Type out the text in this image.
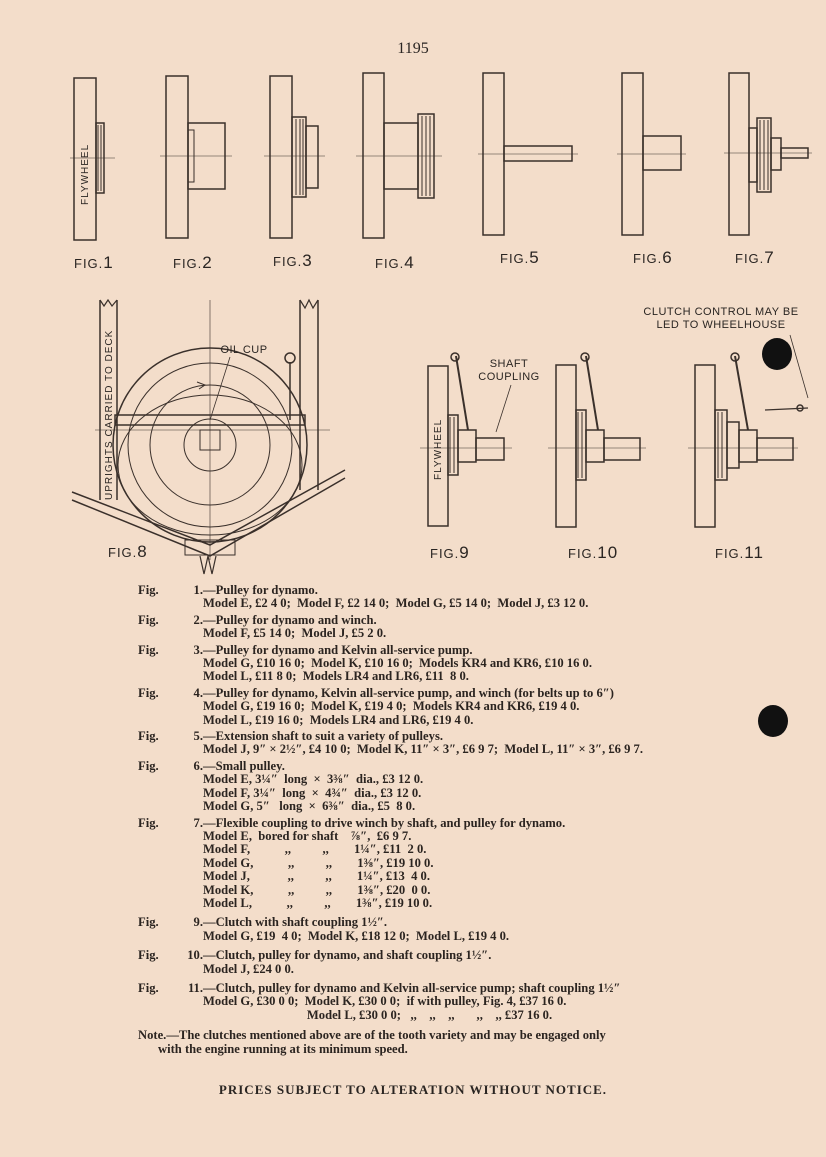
1195
FIG.1	FIG.2	FIG.3	FIG.4	FIG.5	FIG.6	FIG.7
FIG.8	FIG.9	FIG.10	FIG.11
FLYWHEEL
UPRIGHTS CARRIED TO DECK	FLYWHEEL
OIL CUP
SHAFT COUPLING
CLUTCH CONTROL MAY BE LED TO WHEELHOUSE
Fig.	1. —Pulley for dynamo.
Model E, £2 4 0;  Model F, £2 14 0;  Model G, £5 14 0;  Model J, £3 12 0.
Fig.	2. —Pulley for dynamo and winch.
Model F, £5 14 0;  Model J, £5 2 0.
Fig.	3. —Pulley for dynamo and Kelvin all-service pump.
Model G, £10 16 0;  Model K, £10 16 0;  Models KR4 and KR6, £10 16 0.
Model L, £11 8 0;  Models LR4 and LR6, £11  8 0.
Fig.	4. —Pulley for dynamo, Kelvin all-service pump, and winch (for belts up to 6″)
Model G, £19 16 0;  Model K, £19 4 0;  Models KR4 and KR6, £19 4 0.
Model L, £19 16 0;  Models LR4 and LR6, £19 4 0.
Fig.	5. —Extension shaft to suit a variety of pulleys.
Model J, 9″ × 2½″, £4 10 0;  Model K, 11″ × 3″, £6 9 7;  Model L, 11″ × 3″, £6 9 7.
Fig.	6. —Small pulley.
Model E, 3¼″  long  ×  3⅜″  dia., £3 12 0.
Model F, 3¼″  long  ×  4¾″  dia., £3 12 0.
Model G, 5″   long  ×  6⅜″  dia., £5  8 0.
Fig.	7. —Flexible coupling to drive winch by shaft, and pulley for dynamo.
Model E,  bored for shaft    ⅞″,  £6 9 7.
Model F,           ,,          ,,        1¼″, £11  2 0.
Model G,           ,,          ,,        1⅜″, £19 10 0.
Model J,            ,,          ,,        1¼″, £13  4 0.
Model K,           ,,          ,,        1⅜″, £20  0 0.
Model L,           ,,          ,,        1⅜″, £19 10 0.
Fig.	9. —Clutch with shaft coupling 1½″.
Model G, £19  4 0;  Model K, £18 12 0;  Model L, £19 4 0.
Fig.	10. —Clutch, pulley for dynamo, and shaft coupling 1½″.
Model J, £24 0 0.
Fig.	11. —Clutch, pulley for dynamo and Kelvin all-service pump; shaft coupling 1½″
Model G, £30 0 0;  Model K, £30 0 0;  if with pulley, Fig. 4, £37 16 0.
Model L, £30 0 0;   ,,    ,,    ,,       ,,    ,, £37 16 0.
Note.—The clutches mentioned above are of the tooth variety and may be engaged only
with the engine running at its minimum speed.
PRICES SUBJECT TO ALTERATION WITHOUT NOTICE.
